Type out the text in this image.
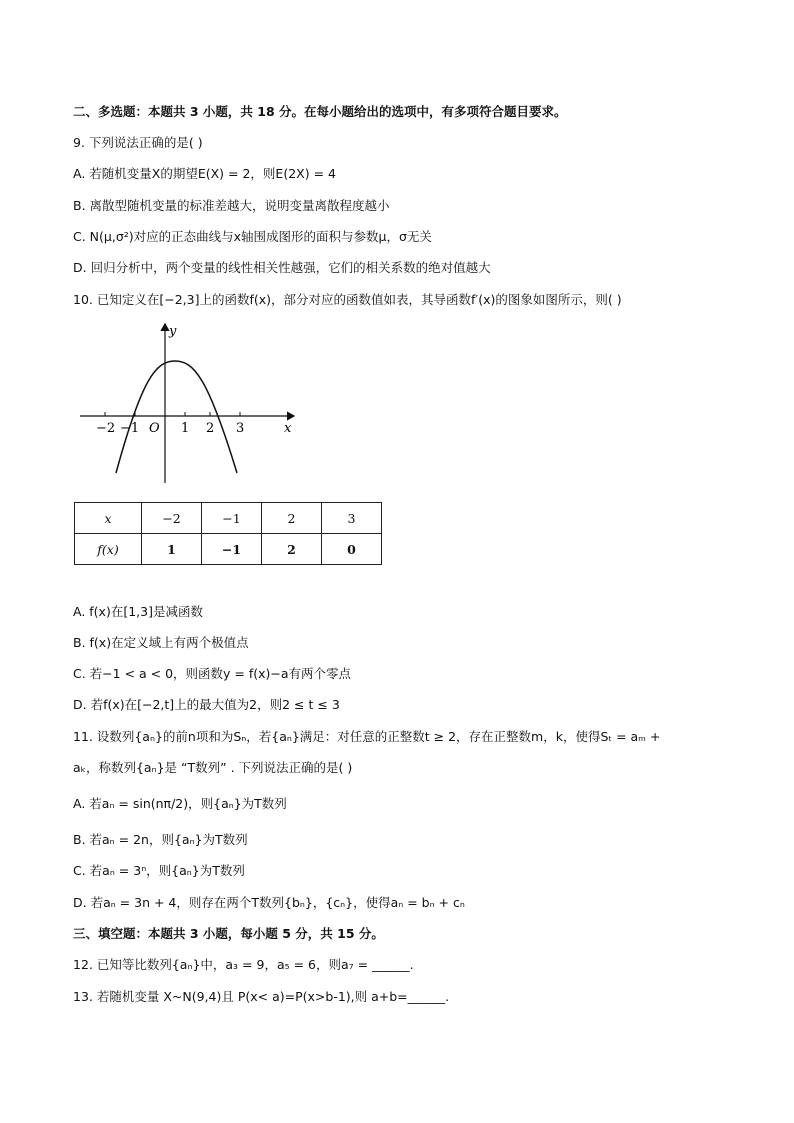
二、多选题：本题共 3 小题，共 18 分。在每小题给出的选项中，有多项符合题目要求。
9. 下列说法正确的是( )
A. 若随机变量X的期望E(X) = 2，则E(2X) = 4
B. 离散型随机变量的标准差越大，说明变量离散程度越小
C. N(μ,σ²)对应的正态曲线与x轴围成图形的面积与参数μ，σ无关
D. 回归分析中，两个变量的线性相关性越强，它们的相关系数的绝对值越大
10. 已知定义在[−2,3]上的函数f(x)，部分对应的函数值如表，其导函数f′(x)的图象如图所示，则( )
y
x
O
−2 −1	1 2 3
x	−2	−1	2	3
f(x)	1	−1	2	0
A. f(x)在[1,3]是减函数
B. f(x)在定义域上有两个极值点
C. 若−1 < a < 0，则函数y = f(x)−a有两个零点
D. 若f(x)在[−2,t]上的最大值为2，则2 ≤ t ≤ 3
11. 设数列{aₙ}的前n项和为Sₙ，若{aₙ}满足：对任意的正整数t ≥ 2，存在正整数m，k，使得Sₜ = aₘ +
aₖ，称数列{aₙ}是 “T数列” . 下列说法正确的是( )
A. 若aₙ = sin(nπ/2)，则{aₙ}为T数列
B. 若aₙ = 2n，则{aₙ}为T数列
C. 若aₙ = 3ⁿ，则{aₙ}为T数列
D. 若aₙ = 3n + 4，则存在两个T数列{bₙ}，{cₙ}，使得aₙ = bₙ + cₙ
三、填空题：本题共 3 小题，每小题 5 分，共 15 分。
12. 已知等比数列{aₙ}中，a₃ = 9，a₅ = 6，则a₇ = ______.
13. 若随机变量 X~N(9,4)且 P(x< a)=P(x>b-1),则 a+b=______.
